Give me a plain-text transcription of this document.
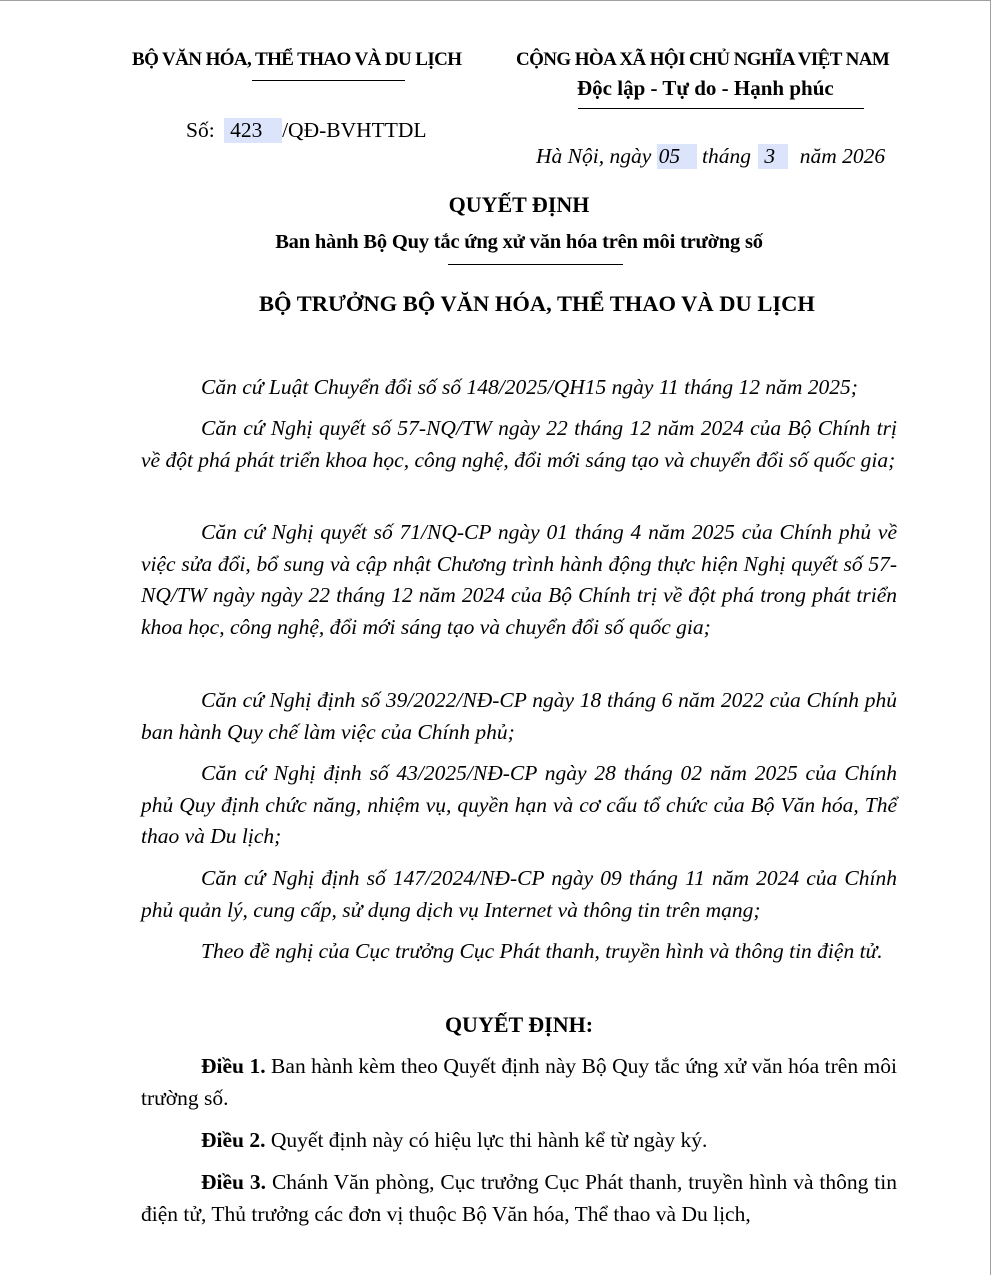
BỘ VĂN HÓA, THỂ THAO VÀ DU LỊCH	CỘNG HÒA XÃ HỘI CHỦ NGHĨA VIỆT NAM
Độc lập - Tự do - Hạnh phúc
Số: 423 /QĐ-BVHTTDL
Hà Nội, ngày 05 tháng 3 năm 2026
QUYẾT ĐỊNH
Ban hành Bộ Quy tắc ứng xử văn hóa trên môi trường số
BỘ TRƯỞNG BỘ VĂN HÓA, THỂ THAO VÀ DU LỊCH
Căn cứ Luật Chuyển đổi số số 148/2025/QH15 ngày 11 tháng 12 năm 2025;
Căn cứ Nghị quyết số 57-NQ/TW ngày 22 tháng 12 năm 2024 của Bộ Chính trị về đột phá phát triển khoa học, công nghệ, đổi mới sáng tạo và chuyển đổi số quốc gia;
Căn cứ Nghị quyết số 71/NQ-CP ngày 01 tháng 4 năm 2025 của Chính phủ về việc sửa đổi, bổ sung và cập nhật Chương trình hành động thực hiện Nghị quyết số 57-NQ/TW ngày ngày 22 tháng 12 năm 2024 của Bộ Chính trị về đột phá trong phát triển khoa học, công nghệ, đổi mới sáng tạo và chuyển đổi số quốc gia;
Căn cứ Nghị định số 39/2022/NĐ-CP ngày 18 tháng 6 năm 2022 của Chính phủ ban hành Quy chế làm việc của Chính phủ;
Căn cứ Nghị định số 43/2025/NĐ-CP ngày 28 tháng 02 năm 2025 của Chính phủ Quy định chức năng, nhiệm vụ, quyền hạn và cơ cấu tổ chức của Bộ Văn hóa, Thể thao và Du lịch;
Căn cứ Nghị định số 147/2024/NĐ-CP ngày 09 tháng 11 năm 2024 của Chính phủ quản lý, cung cấp, sử dụng dịch vụ Internet và thông tin trên mạng;
Theo đề nghị của Cục trưởng Cục Phát thanh, truyền hình và thông tin điện tử.
QUYẾT ĐỊNH:
Điều 1. Ban hành kèm theo Quyết định này Bộ Quy tắc ứng xử văn hóa trên môi trường số.
Điều 2. Quyết định này có hiệu lực thi hành kể từ ngày ký.
Điều 3. Chánh Văn phòng, Cục trưởng Cục Phát thanh, truyền hình và thông tin điện tử, Thủ trưởng các đơn vị thuộc Bộ Văn hóa, Thể thao và Du lịch,
